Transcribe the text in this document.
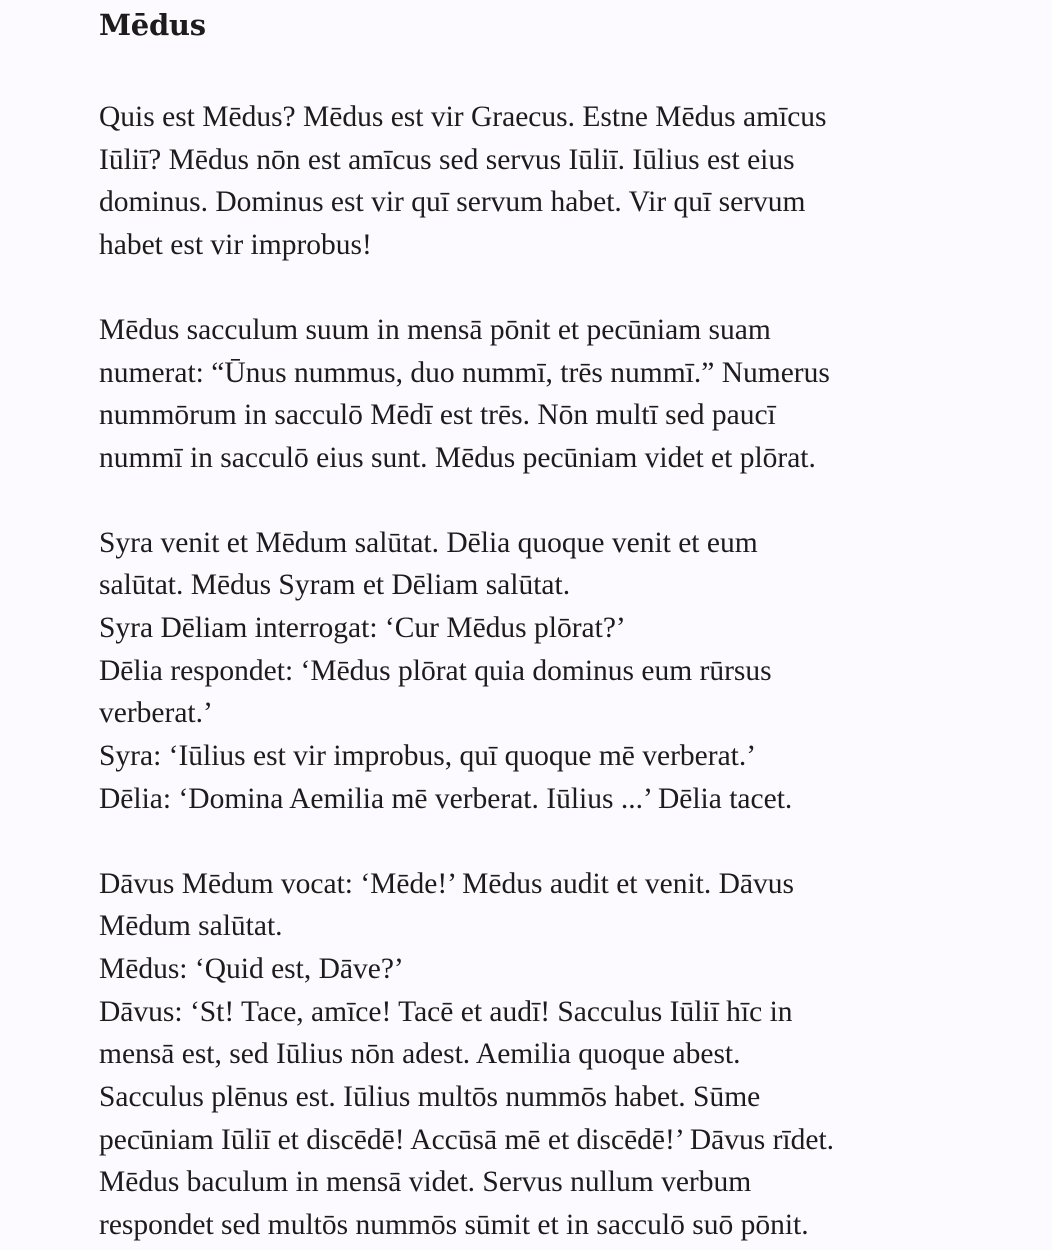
Mēdus

Quis est Mēdus? Mēdus est vir Graecus. Estne Mēdus amīcus
Iūliī? Mēdus nōn est amīcus sed servus Iūliī. Iūlius est eius
dominus. Dominus est vir quī servum habet. Vir quī servum
habet est vir improbus!

Mēdus sacculum suum in mensā pōnit et pecūniam suam
numerat: “Ūnus nummus, duo nummī, trēs nummī.” Numerus
nummōrum in sacculō Mēdī est trēs. Nōn multī sed paucī
nummī in sacculō eius sunt. Mēdus pecūniam videt et plōrat.

Syra venit et Mēdum salūtat. Dēlia quoque venit et eum
salūtat. Mēdus Syram et Dēliam salūtat.
Syra Dēliam interrogat: ‘Cur Mēdus plōrat?’
Dēlia respondet: ‘Mēdus plōrat quia dominus eum rūrsus
verberat.’
Syra: ‘Iūlius est vir improbus, quī quoque mē verberat.’
Dēlia: ‘Domina Aemilia mē verberat. Iūlius ...’ Dēlia tacet.

Dāvus Mēdum vocat: ‘Mēde!’ Mēdus audit et venit. Dāvus
Mēdum salūtat.
Mēdus: ‘Quid est, Dāve?’
Dāvus: ‘St! Tace, amīce! Tacē et audī! Sacculus Iūliī hīc in
mensā est, sed Iūlius nōn adest. Aemilia quoque abest.
Sacculus plēnus est. Iūlius multōs nummōs habet. Sūme
pecūniam Iūliī et discēdē! Accūsā mē et discēdē!’ Dāvus rīdet.
Mēdus baculum in mensā videt. Servus nullum verbum
respondet sed multōs nummōs sūmit et in sacculō suō pōnit.
